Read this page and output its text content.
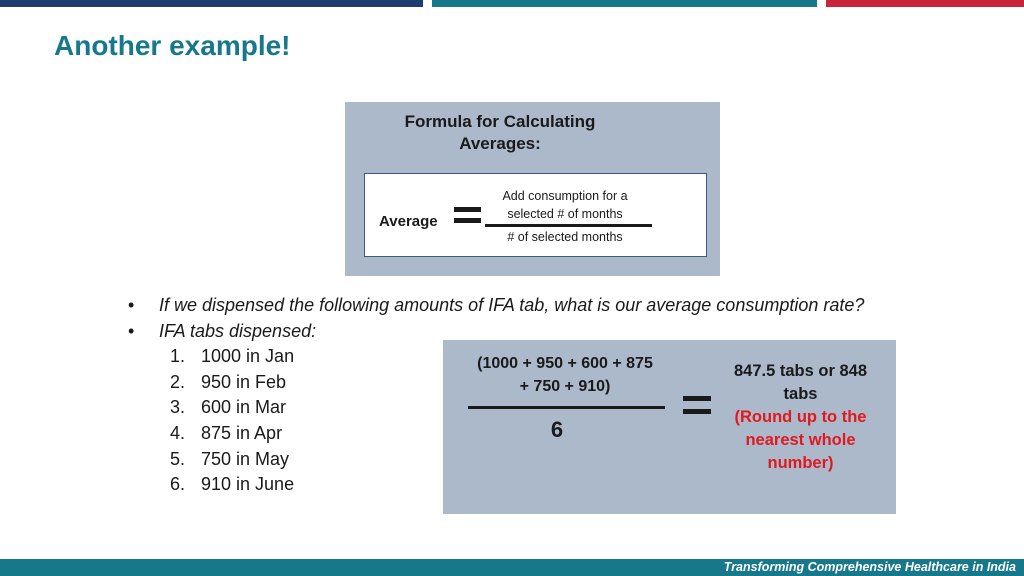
Another example!
Formula for Calculating
Averages:
Average
Add consumption for a
selected # of months
# of selected months
• If we dispensed the following amounts of IFA tab, what is our average consumption rate?
• IFA tabs dispensed:
1. 1000 in Jan
2. 950 in Feb
3. 600 in Mar
4. 875 in Apr
5. 750 in May
6. 910 in June
(1000 + 950 + 600 + 875
+ 750 + 910)
6
847.5 tabs or 848
tabs
(Round up to the
nearest whole
number)
Transforming Comprehensive Healthcare in India
